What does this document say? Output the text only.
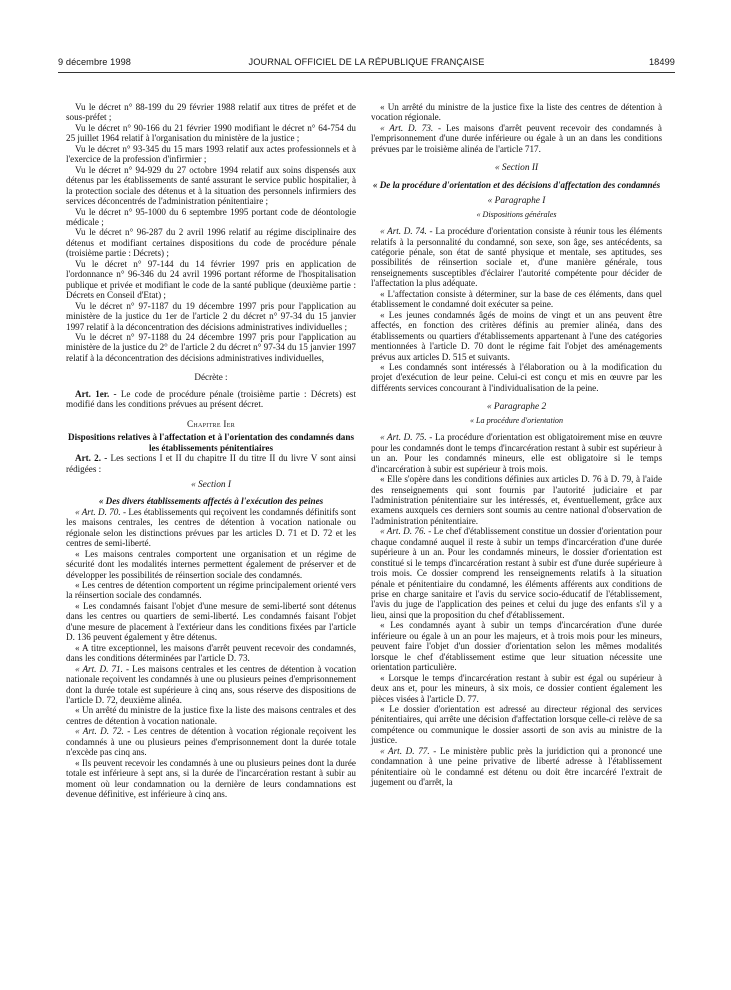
9 décembre 1998	JOURNAL OFFICIEL DE LA RÉPUBLIQUE FRANÇAISE	18499

Vu le décret n° 88-199 du 29 février 1988 relatif aux titres de préfet et de sous-préfet ;

Vu le décret n° 90-166 du 21 février 1990 modifiant le décret n° 64-754 du 25 juillet 1964 relatif à l'organisation du ministère de la justice ;

Vu le décret n° 93-345 du 15 mars 1993 relatif aux actes professionnels et à l'exercice de la profession d'infirmier ;

Vu le décret n° 94-929 du 27 octobre 1994 relatif aux soins dispensés aux détenus par les établissements de santé assurant le service public hospitalier, à la protection sociale des détenus et à la situation des personnels infirmiers des services déconcentrés de l'administration pénitentiaire ;

Vu le décret n° 95-1000 du 6 septembre 1995 portant code de déontologie médicale ;

Vu le décret n° 96-287 du 2 avril 1996 relatif au régime disciplinaire des détenus et modifiant certaines dispositions du code de procédure pénale (troisième partie : Décrets) ;

Vu le décret n° 97-144 du 14 février 1997 pris en application de l'ordonnance n° 96-346 du 24 avril 1996 portant réforme de l'hospitalisation publique et privée et modifiant le code de la santé publique (deuxième partie : Décrets en Conseil d'Etat) ;

Vu le décret n° 97-1187 du 19 décembre 1997 pris pour l'application au ministère de la justice du 1er de l'article 2 du décret n° 97-34 du 15 janvier 1997 relatif à la déconcentration des décisions administratives individuelles ;

Vu le décret n° 97-1188 du 24 décembre 1997 pris pour l'application au ministère de la justice du 2° de l'article 2 du décret n° 97-34 du 15 janvier 1997 relatif à la déconcentration des décisions administratives individuelles,

Décrète :

Art. 1er. - Le code de procédure pénale (troisième partie : Décrets) est modifié dans les conditions prévues au présent décret.

Chapitre Ier

Dispositions relatives à l'affectation et à l'orientation des condamnés dans les établissements pénitentiaires

Art. 2. - Les sections I et II du chapitre II du titre II du livre V sont ainsi rédigées :

« Section I

« Des divers établissements affectés à l'exécution des peines

« Art. D. 70. - Les établissements qui reçoivent les condamnés définitifs sont les maisons centrales, les centres de détention à vocation nationale ou régionale selon les distinctions prévues par les articles D. 71 et D. 72 et les centres de semi-liberté.

« Les maisons centrales comportent une organisation et un régime de sécurité dont les modalités internes permettent également de préserver et de développer les possibilités de réinsertion sociale des condamnés.

« Les centres de détention comportent un régime principalement orienté vers la réinsertion sociale des condamnés.

« Les condamnés faisant l'objet d'une mesure de semi-liberté sont détenus dans les centres ou quartiers de semi-liberté. Les condamnés faisant l'objet d'une mesure de placement à l'extérieur dans les conditions fixées par l'article D. 136 peuvent également y être détenus.

« A titre exceptionnel, les maisons d'arrêt peuvent recevoir des condamnés, dans les conditions déterminées par l'article D. 73.

« Art. D. 71. - Les maisons centrales et les centres de détention à vocation nationale reçoivent les condamnés à une ou plusieurs peines d'emprisonnement dont la durée totale est supérieure à cinq ans, sous réserve des dispositions de l'article D. 72, deuxième alinéa.

« Un arrêté du ministre de la justice fixe la liste des maisons centrales et des centres de détention à vocation nationale.

« Art. D. 72. - Les centres de détention à vocation régionale reçoivent les condamnés à une ou plusieurs peines d'emprisonnement dont la durée totale n'excède pas cinq ans.

« Ils peuvent recevoir les condamnés à une ou plusieurs peines dont la durée totale est inférieure à sept ans, si la durée de l'incarcération restant à subir au moment où leur condamnation ou la dernière de leurs condamnations est devenue définitive, est inférieure à cinq ans.

« Un arrêté du ministre de la justice fixe la liste des centres de détention à vocation régionale.

« Art. D. 73. - Les maisons d'arrêt peuvent recevoir des condamnés à l'emprisonnement d'une durée inférieure ou égale à un an dans les conditions prévues par le troisième alinéa de l'article 717.

« Section II

« De la procédure d'orientation et des décisions d'affectation des condamnés

« Paragraphe I

« Dispositions générales

« Art. D. 74. - La procédure d'orientation consiste à réunir tous les éléments relatifs à la personnalité du condamné, son sexe, son âge, ses antécédents, sa catégorie pénale, son état de santé physique et mentale, ses aptitudes, ses possibilités de réinsertion sociale et, d'une manière générale, tous renseignements susceptibles d'éclairer l'autorité compétente pour décider de l'affectation la plus adéquate.

« L'affectation consiste à déterminer, sur la base de ces éléments, dans quel établissement le condamné doit exécuter sa peine.

« Les jeunes condamnés âgés de moins de vingt et un ans peuvent être affectés, en fonction des critères définis au premier alinéa, dans des établissements ou quartiers d'établissements appartenant à l'une des catégories mentionnées à l'article D. 70 dont le régime fait l'objet des aménagements prévus aux articles D. 515 et suivants.

« Les condamnés sont intéressés à l'élaboration ou à la modification du projet d'exécution de leur peine. Celui-ci est conçu et mis en œuvre par les différents services concourant à l'individualisation de la peine.

« Paragraphe 2

« La procédure d'orientation

« Art. D. 75. - La procédure d'orientation est obligatoirement mise en œuvre pour les condamnés dont le temps d'incarcération restant à subir est supérieur à un an. Pour les condamnés mineurs, elle est obligatoire si le temps d'incarcération à subir est supérieur à trois mois.

« Elle s'opère dans les conditions définies aux articles D. 76 à D. 79, à l'aide des renseignements qui sont fournis par l'autorité judiciaire et par l'administration pénitentiaire sur les intéressés, et, éventuellement, grâce aux examens auxquels ces derniers sont soumis au centre national d'observation de l'administration pénitentiaire.

« Art. D. 76. - Le chef d'établissement constitue un dossier d'orientation pour chaque condamné auquel il reste à subir un temps d'incarcération d'une durée supérieure à un an. Pour les condamnés mineurs, le dossier d'orientation est constitué si le temps d'incarcération restant à subir est d'une durée supérieure à trois mois. Ce dossier comprend les renseignements relatifs à la situation pénale et pénitentiaire du condamné, les éléments afférents aux conditions de prise en charge sanitaire et l'avis du service socio-éducatif de l'établissement, l'avis du juge de l'application des peines et celui du juge des enfants s'il y a lieu, ainsi que la proposition du chef d'établissement.

« Les condamnés ayant à subir un temps d'incarcération d'une durée inférieure ou égale à un an pour les majeurs, et à trois mois pour les mineurs, peuvent faire l'objet d'un dossier d'orientation selon les mêmes modalités lorsque le chef d'établissement estime que leur situation nécessite une orientation particulière.

« Lorsque le temps d'incarcération restant à subir est égal ou supérieur à deux ans et, pour les mineurs, à six mois, ce dossier contient également les pièces visées à l'article D. 77.

« Le dossier d'orientation est adressé au directeur régional des services pénitentiaires, qui arrête une décision d'affectation lorsque celle-ci relève de sa compétence ou communique le dossier assorti de son avis au ministre de la justice.

« Art. D. 77. - Le ministère public près la juridiction qui a prononcé une condamnation à une peine privative de liberté adresse à l'établissement pénitentiaire où le condamné est détenu ou doit être incarcéré l'extrait de jugement ou d'arrêt, la
